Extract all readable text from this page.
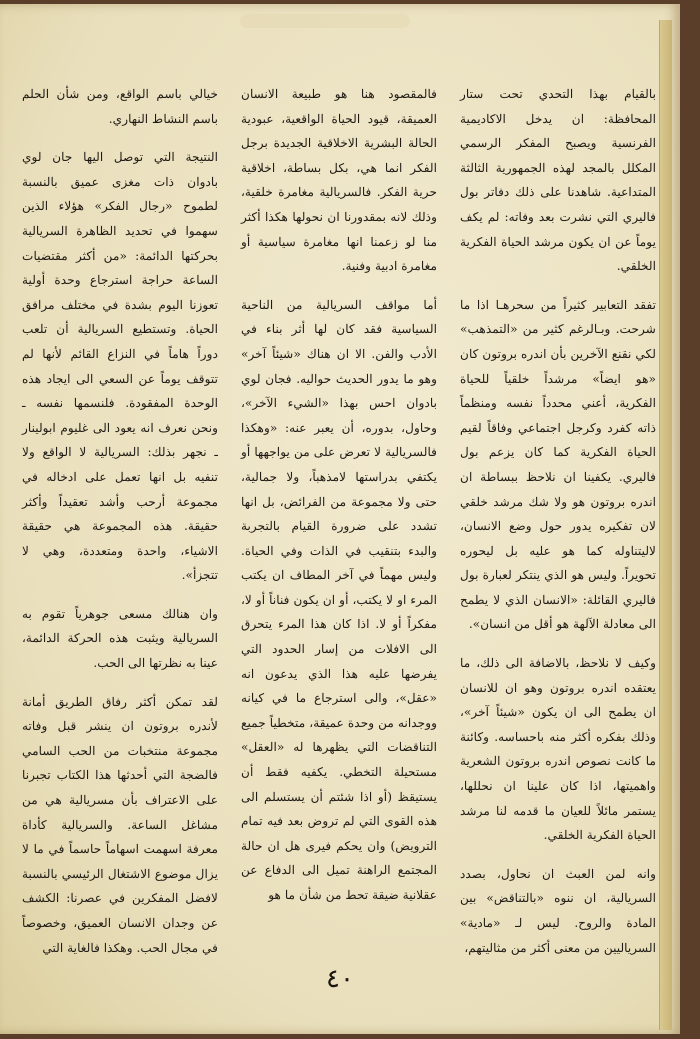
بالقيام بهذا التحدي تحت ستار المحافظة: ان يدخل الاكاديمية الفرنسية ويصبح المفكر الرسمي المكلل بالمجد لهذه الجمهورية الثالثة المتداعية. شاهدنا على ذلك دفاتر بول فاليري التي نشرت بعد وفاته: لم يكف يوماً عن ان يكون مرشد الحياة الفكرية الخلقي.

تفقد التعابير كثيراً من سحرهـا اذا ما شرحت. وبـالرغم كثير من «التمذهب» لكي نقنع الآخرين بأن اندره بروتون كان «هو ايضاً» مرشداً خلقياً للحياة الفكرية، أعني محدداً نفسه ومنظماً ذاته كفرد وكرجل اجتماعي وفاقاً لقيم الحياة الفكرية كما كان يزعم بول فاليري. يكفينا ان نلاحظ ببساطة ان اندره بروتون هو ولا شك مرشد خلقي لان تفكيره يدور حول وضع الانسان، لاليتناوله كما هو عليه بل ليحوره تحويراً. وليس هو الذي ينتكر لعبارة بول فاليري القائلة: «الانسان الذي لا يطمح الى معادلة الآلهة هو أقل من انسان».

وكيف لا نلاحظ، بالاضافة الى ذلك، ما يعتقده اندره بروتون وهو ان للانسان ان يطمح الى ان يكون «شيئاً آخر»، وذلك بفكره أكثر منه باحساسه. وكائنة ما كانت نصوص اندره بروتون الشعرية واهميتها، اذا كان علينا ان نحللها، يستمر مائلاً للعيان ما قدمه لنا مرشد الحياة الفكرية الخلقي.

وانه لمن العبث ان نحاول، بصدد السريالية، ان ننوه «بالتناقض» بين المادة والروح. ليس لـ «مادية» السرياليين من معنى أكثر من مثاليتهم،

فالمقصود هنا هو طبيعة الانسان العميقة، قيود الحياة الواقعية، عبودية الحالة البشرية الاخلاقية الجديدة برجل الفكر انما هي، بكل بساطة، اخلاقية حرية الفكر. فالسريالية مغامرة خلقية، وذلك لانه بمقدورنا ان نحولها هكذا أكثر منا لو زعمنا انها مغامرة سياسية أو مغامرة ادبية وفنية.

أما مواقف السريالية من الناحية السياسية فقد كان لها أثر بناء في الأدب والفن. الا ان هناك «شيئاً آخر» وهو ما يدور الحديث حواليه. فجان لوي بادوان احس بهذا «الشيء الآخر»، وحاول، بدوره، أن يعبر عنه: «وهكذا فالسريالية لا تعرض على من يواجهها أو يكتفي بدراستها لامذهباً، ولا جمالية، حتى ولا مجموعة من الفرائض، بل انها تشدد على ضرورة القيام بالتجربة والبدء بتنقيب في الذات وفي الحياة. وليس مهماً في آخر المطاف ان يكتب المرء او لا يكتب، أو ان يكون فناناً أو لا، مفكراً أو لا. اذا كان هذا المرء يتحرق الى الافلات من إسار الحدود التي يفرضها عليه هذا الذي يدعون انه «عقل»، والى استرجاع ما في كيانه ووجدانه من وحدة عميقة، متخطياً جميع التناقضات التي يظهرها له «العقل» مستحيلة التخطي. يكفيه فقط أن يستيقظ (أو اذا شئتم أن يستسلم الى هذه القوى التي لم تروض بعد فيه تمام الترويض) وان يحكم فيرى هل ان حالة المجتمع الراهنة تميل الى الدفاع عن عقلانية ضيقة تحط من شأن ما هو

خيالي باسم الواقع، ومن شأن الحلم باسم النشاط النهاري.

النتيجة التي توصل اليها جان لوي بادوان ذات مغزى عميق بالنسبة لطموح «رجال الفكر» هؤلاء الذين سهموا في تحديد الظاهرة السريالية بحركتها الدائمة: «من أكثر مقتضيات الساعة حراجة استرجاع وحدة أولية تعوزنا اليوم بشدة في مختلف مرافق الحياة. وتستطيع السريالية أن تلعب دوراً هاماً في النزاع القائم لأنها لم تتوقف يوماً عن السعي الى ايجاد هذه الوحدة المفقودة. فلنسمها نفسه ـ ونحن نعرف انه يعود الى غليوم ابولينار ـ نجهر بذلك: السريالية لا الواقع ولا تنفيه بل انها تعمل على ادخاله في مجموعة أرحب وأشد تعقيداً وأكثر حقيقة. هذه المجموعة هي حقيقة الاشياء، واحدة ومتعددة، وهي لا تتجزأ».

وان هنالك مسعى جوهرياً تقوم به السريالية ويثبت هذه الحركة الدائمة، عينا به نظرتها الى الحب.

لقد تمكن أكثر رفاق الطريق أمانة لأندره بروتون ان ينشر قبل وفاته مجموعة منتخبات من الحب السامي فالضجة التي أحدثها هذا الكتاب تجبرنا على الاعتراف بأن مسريالية هي من مشاغل الساعة. والسريالية كأداة معرفة اسهمت اسهاماً حاسماً في ما لا يزال موضوع الاشتغال الرئيسي بالنسبة لافضل المفكرين في عصرنا: الكشف عن وجدان الانسان العميق، وخصوصاً في مجال الحب. وهكذا فالغاية التي

٤٠
